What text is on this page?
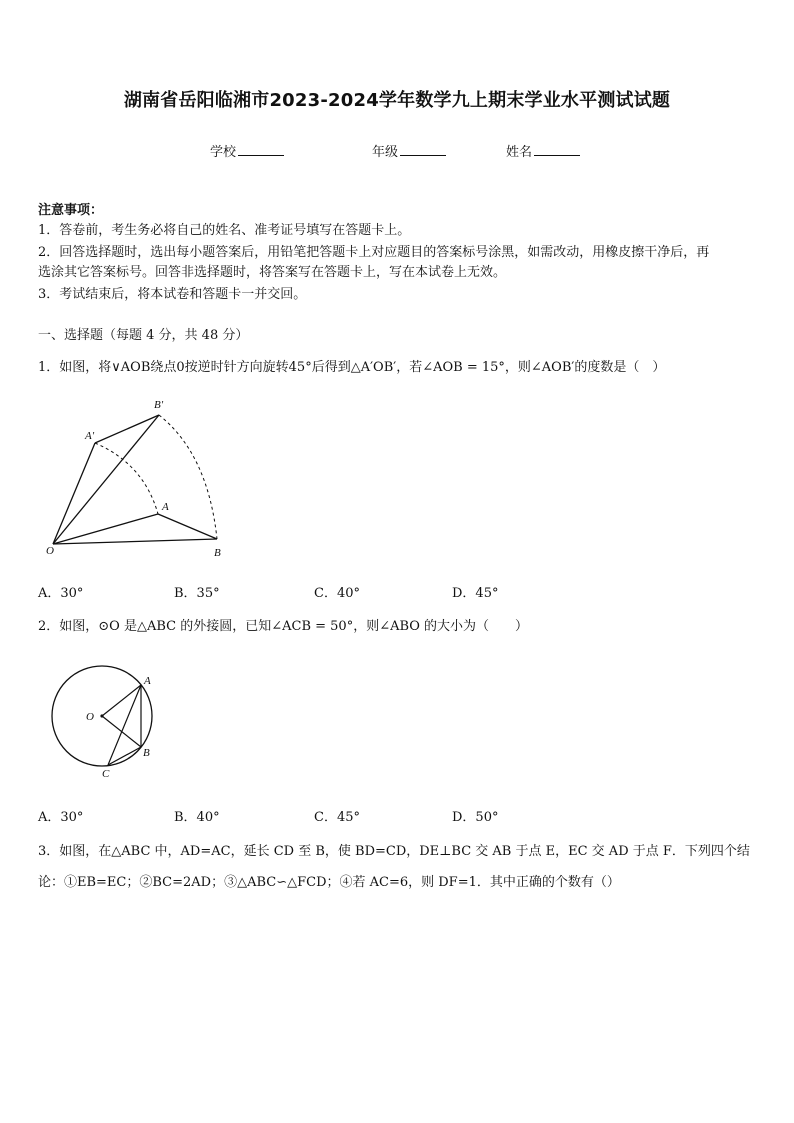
湖南省岳阳临湘市2023-2024学年数学九上期末学业水平测试试题
学校	年级	姓名
注意事项：
1．答卷前，考生务必将自己的姓名、准考证号填写在答题卡上。
2．回答选择题时，选出每小题答案后，用铅笔把答题卡上对应题目的答案标号涂黑，如需改动，用橡皮擦干净后，再
选涂其它答案标号。回答非选择题时，将答案写在答题卡上，写在本试卷上无效。
3．考试结束后，将本试卷和答题卡一并交回。
一、选择题（每题 4 分，共 48 分）
1．如图，将∨AOB绕点0按逆时针方向旋转45°后得到△A′OB′，若∠AOB = 15°，则∠AOB′的度数是（　）
O
A
B
A′
B′
A．30°	B．35°	C．40°	D．45°
2．如图，⊙O 是△ABC 的外接圆，已知∠ACB = 50°，则∠ABO 的大小为（　　）
O
A
B
C
A．30°	B．40°	C．45°	D．50°
3．如图，在△ABC 中，AD=AC，延长 CD 至 B，使 BD=CD，DE⊥BC 交 AB 于点 E，EC 交 AD 于点 F．下列四个结
论：①EB=EC；②BC=2AD；③△ABC∽△FCD；④若 AC=6，则 DF=1．其中正确的个数有（）
